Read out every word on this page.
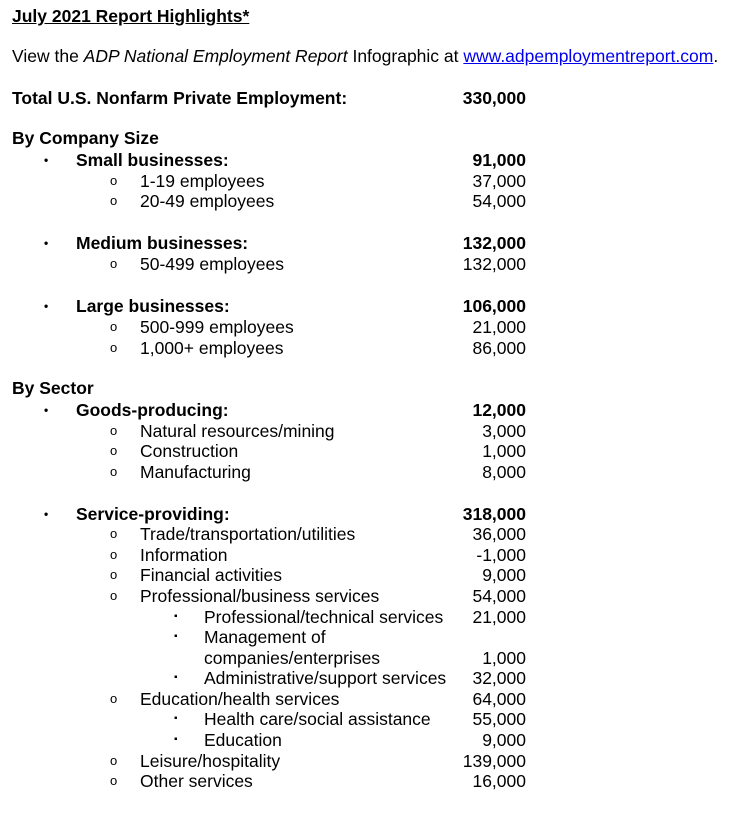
July 2021 Report Highlights*
View the ADP National Employment Report Infographic at www.adpemploymentreport.com.
Total U.S. Nonfarm Private Employment:	330,000
By Company Size
• Small businesses:	91,000
o 1-19 employees	37,000
o 20-49 employees	54,000
• Medium businesses:	132,000
o 50-499 employees	132,000
• Large businesses:	106,000
o 500-999 employees	21,000
o 1,000+ employees	86,000
By Sector
• Goods-producing:	12,000
o Natural resources/mining	3,000
o Construction	1,000
o Manufacturing	8,000
• Service-providing:	318,000
o Trade/transportation/utilities	36,000
o Information	-1,000
o Financial activities	9,000
o Professional/business services	54,000
▪ Professional/technical services	21,000
▪ Management of
companies/enterprises	1,000
▪ Administrative/support services	32,000
o Education/health services	64,000
▪ Health care/social assistance	55,000
▪ Education	9,000
o Leisure/hospitality	139,000
o Other services	16,000
